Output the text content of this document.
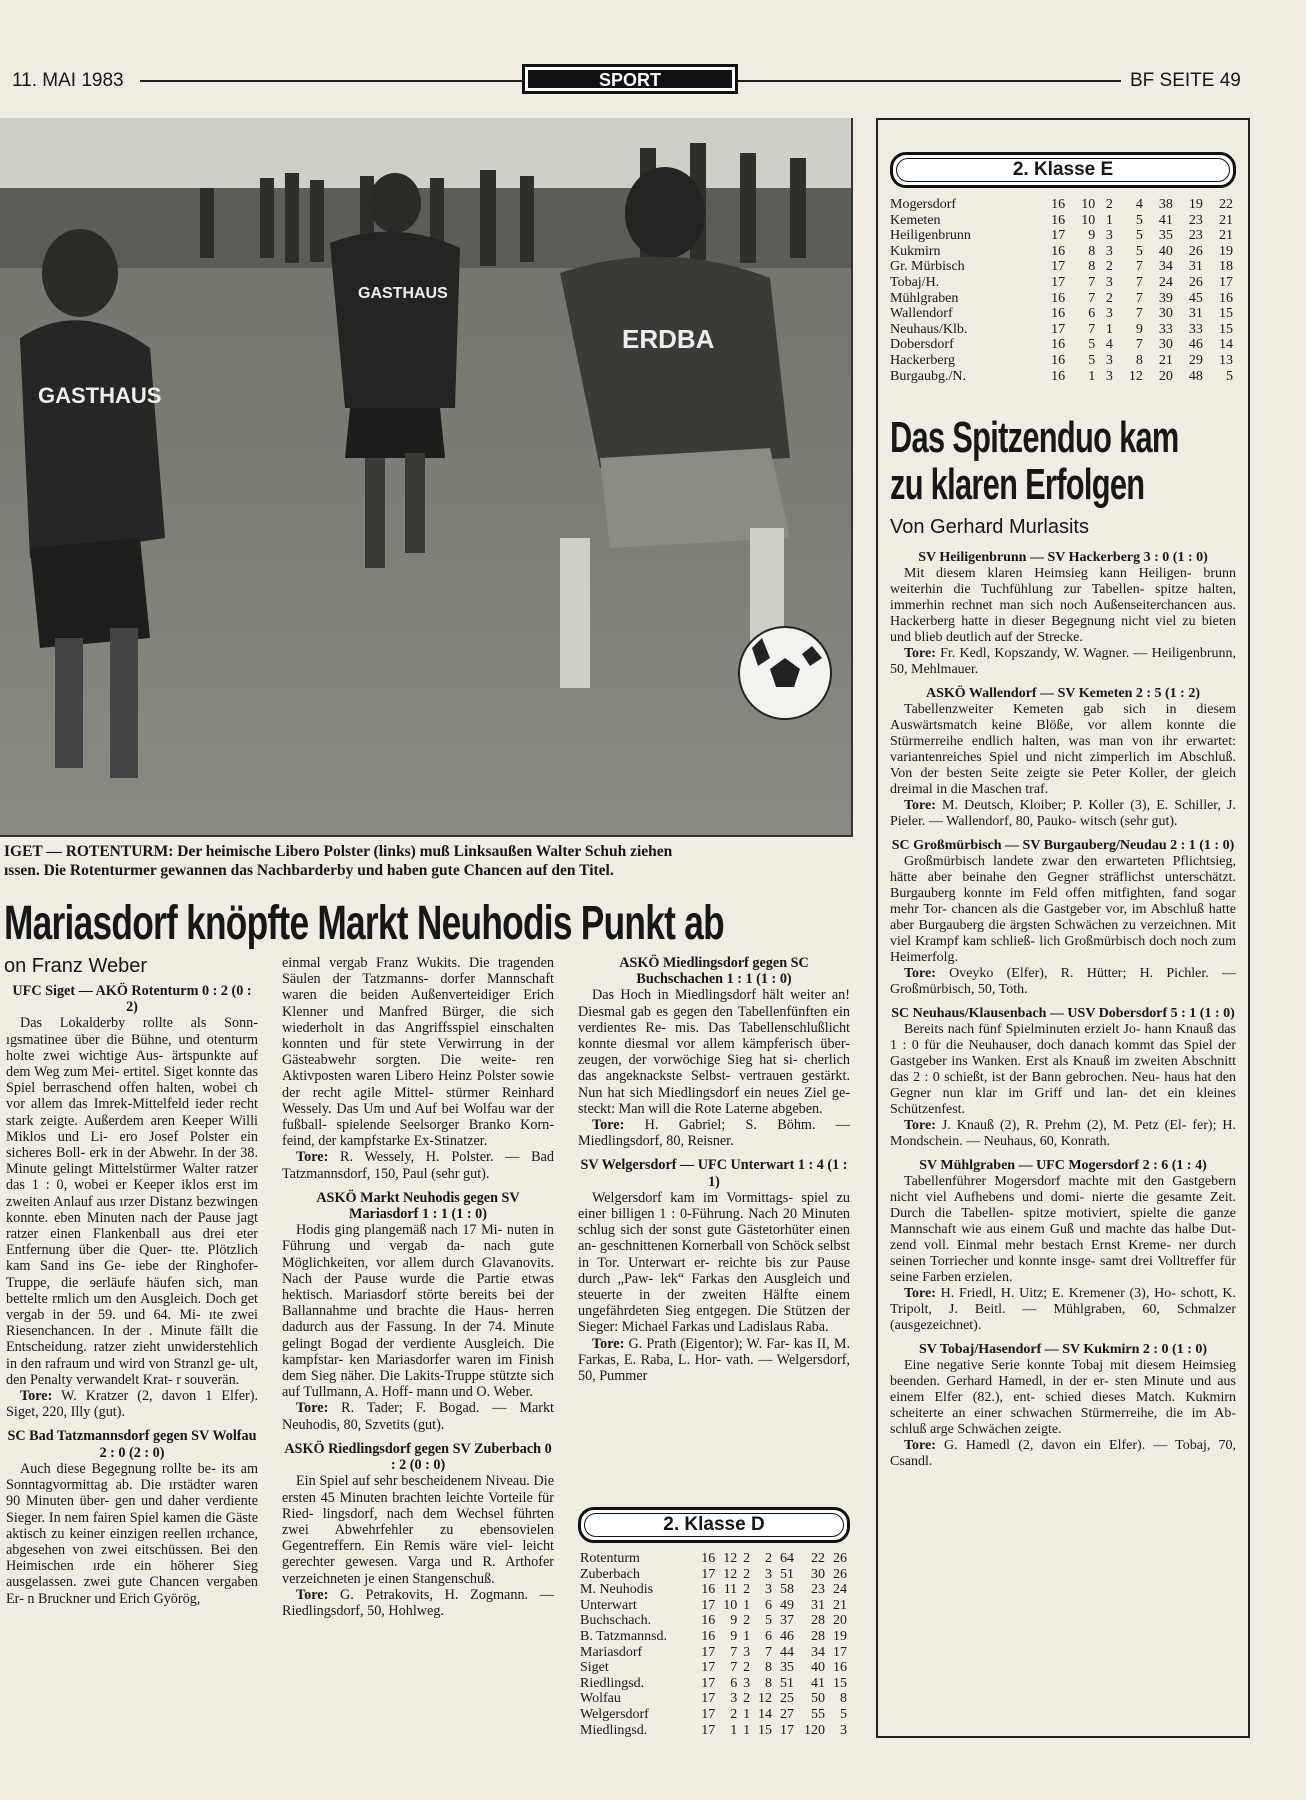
11. MAI 1983	SPORT	BF SEITE 49
GASTHAUS
GASTHAUS
ERDBA
IGET — ROTENTURM: Der heimische Libero Polster (links) muß Linksaußen Walter Schuh ziehen
ıssen. Die Rotenturmer gewannen das Nachbarderby und haben gute Chancen auf den Titel.
Mariasdorf knöpfte Markt Neuhodis Punkt ab
on Franz Weber
UFC Siget — AKÖ Rotenturm 0 : 2 (0 : 2)
Das Lokalderby rollte als Sonn- ıgsmatinee über die Bühne, und otenturm holte zwei wichtige Aus- ärtspunkte auf dem Weg zum Mei- ertitel. Siget konnte das Spiel berraschend offen halten, wobei ch vor allem das Imrek-Mittelfeld ieder recht stark zeigte. Außerdem aren Keeper Willi Miklos und Li- ero Josef Polster ein sicheres Boll- erk in der Abwehr. In der 38. Minute gelingt Mittelstürmer Walter ratzer das 1 : 0, wobei er Keeper iklos erst im zweiten Anlauf aus ırzer Distanz bezwingen konnte. eben Minuten nach der Pause jagt ratzer einen Flankenball aus drei eter Entfernung über die Quer- tte. Plötzlich kam Sand ins Ge- iebe der Ringhofer-Truppe, die ɘerläufe häufen sich, man bettelte rmlich um den Ausgleich. Doch get vergab in der 59. und 64. Mi- ıte zwei Riesenchancen. In der . Minute fällt die Entscheidung. ratzer zieht unwiderstehlich in den rafraum und wird von Stranzl ge- ult, den Penalty verwandelt Krat- r souverän.
Tore: W. Kratzer (2, davon 1 Elfer). Siget, 220, Illy (gut).
SC Bad Tatzmannsdorf gegen SV Wolfau 2 : 0 (2 : 0)
Auch diese Begegnung rollte be- its am Sonntagvormittag ab. Die ırstädter waren 90 Minuten über- gen und daher verdiente Sieger. In nem fairen Spiel kamen die Gäste aktisch zu keiner einzigen reellen ırchance, abgesehen von zwei eitschüssen. Bei den Heimischen ırde ein höherer Sieg ausgelassen. zwei gute Chancen vergaben Er- n Bruckner und Erich Györög,
einmal vergab Franz Wukits. Die tragenden Säulen der Tatzmanns- dorfer Mannschaft waren die beiden Außenverteidiger Erich Klenner und Manfred Bürger, die sich wiederholt in das Angriffsspiel einschalten konnten und für stete Verwirrung in der Gästeabwehr sorgten. Die weite- ren Aktivposten waren Libero Heinz Polster sowie der recht agile Mittel- stürmer Reinhard Wessely. Das Um und Auf bei Wolfau war der fußball- spielende Seelsorger Branko Korn- feind, der kampfstarke Ex-Stinatzer.
Tore: R. Wessely, H. Polster. — Bad Tatzmannsdorf, 150, Paul (sehr gut).
ASKÖ Markt Neuhodis gegen SV Mariasdorf 1 : 1 (1 : 0)
Hodis ging plangemäß nach 17 Mi- nuten in Führung und vergab da- nach gute Möglichkeiten, vor allem durch Glavanovits. Nach der Pause wurde die Partie etwas hektisch. Mariasdorf störte bereits bei der Ballannahme und brachte die Haus- herren dadurch aus der Fassung. In der 74. Minute gelingt Bogad der verdiente Ausgleich. Die kampfstar- ken Mariasdorfer waren im Finish dem Sieg näher. Die Lakits-Truppe stützte sich auf Tullmann, A. Hoff- mann und O. Weber.
Tore: R. Tader; F. Bogad. — Markt Neuhodis, 80, Szvetits (gut).
ASKÖ Riedlingsdorf gegen SV Zuberbach 0 : 2 (0 : 0)
Ein Spiel auf sehr bescheidenem Niveau. Die ersten 45 Minuten brachten leichte Vorteile für Ried- lingsdorf, nach dem Wechsel führten zwei Abwehrfehler zu ebensovielen Gegentreffern. Ein Remis wäre viel- leicht gerechter gewesen. Varga und R. Arthofer verzeichneten je einen Stangenschuß.
Tore: G. Petrakovits, H. Zogmann. — Riedlingsdorf, 50, Hohlweg.
ASKÖ Miedlingsdorf gegen SC Buchschachen 1 : 1 (1 : 0)
Das Hoch in Miedlingsdorf hält weiter an! Diesmal gab es gegen den Tabellenfünften ein verdientes Re- mis. Das Tabellenschlußlicht konnte diesmal vor allem kämpferisch über- zeugen, der vorwöchige Sieg hat si- cherlich das angeknackste Selbst- vertrauen gestärkt. Nun hat sich Miedlingsdorf ein neues Ziel ge- steckt: Man will die Rote Laterne abgeben.
Tore: H. Gabriel; S. Böhm. — Miedlingsdorf, 80, Reisner.
SV Welgersdorf — UFC Unterwart 1 : 4 (1 : 1)
Welgersdorf kam im Vormittags- spiel zu einer billigen 1 : 0-Führung. Nach 20 Minuten schlug sich der sonst gute Gästetorhüter einen an- geschnittenen Kornerball von Schöck selbst in Tor. Unterwart er- reichte bis zur Pause durch „Paw- lek“ Farkas den Ausgleich und steuerte in der zweiten Hälfte einem ungefährdeten Sieg entgegen. Die Stützen der Sieger: Michael Farkas und Ladislaus Raba.
Tore: G. Prath (Eigentor); W. Far- kas II, M. Farkas, E. Raba, L. Hor- vath. — Welgersdorf, 50, Pummer
2. Klasse D
Rotenturm	16	12	2	2	64	22	26
Zuberbach	17	12	2	3	51	30	26
M. Neuhodis	16	11	2	3	58	23	24
Unterwart	17	10	1	6	49	31	21
Buchschach.	16	9	2	5	37	28	20
B. Tatzmannsd.	16	9	1	6	46	28	19
Mariasdorf	17	7	3	7	44	34	17
Siget	17	7	2	8	35	40	16
Riedlingsd.	17	6	3	8	51	41	15
Wolfau	17	3	2	12	25	50	8
Welgersdorf	17	2	1	14	27	55	5
Miedlingsd.	17	1	1	15	17	120	3
2. Klasse E
Mogersdorf	16	10	2	4	38	19	22
Kemeten	16	10	1	5	41	23	21
Heiligenbrunn	17	9	3	5	35	23	21
Kukmirn	16	8	3	5	40	26	19
Gr. Mürbisch	17	8	2	7	34	31	18
Tobaj/H.	17	7	3	7	24	26	17
Mühlgraben	16	7	2	7	39	45	16
Wallendorf	16	6	3	7	30	31	15
Neuhaus/Klb.	17	7	1	9	33	33	15
Dobersdorf	16	5	4	7	30	46	14
Hackerberg	16	5	3	8	21	29	13
Burgaubg./N.	16	1	3	12	20	48	5
Das Spitzenduo kam
zu klaren Erfolgen
Von Gerhard Murlasits
SV Heiligenbrunn — SV Hackerberg 3 : 0 (1 : 0)
Mit diesem klaren Heimsieg kann Heiligen- brunn weiterhin die Tuchfühlung zur Tabellen- spitze halten, immerhin rechnet man sich noch Außenseiterchancen aus. Hackerberg hatte in dieser Begegnung nicht viel zu bieten und blieb deutlich auf der Strecke.
Tore: Fr. Kedl, Kopszandy, W. Wagner. — Heiligenbrunn, 50, Mehlmauer.
ASKÖ Wallendorf — SV Kemeten 2 : 5 (1 : 2)
Tabellenzweiter Kemeten gab sich in diesem Auswärtsmatch keine Blöße, vor allem konnte die Stürmerreihe endlich halten, was man von ihr erwartet: variantenreiches Spiel und nicht zimperlich im Abschluß. Von der besten Seite zeigte sie Peter Koller, der gleich dreimal in die Maschen traf.
Tore: M. Deutsch, Kloiber; P. Koller (3), E. Schiller, J. Pieler. — Wallendorf, 80, Pauko- witsch (sehr gut).
SC Großmürbisch — SV Burgauberg/Neudau 2 : 1 (1 : 0)
Großmürbisch landete zwar den erwarteten Pflichtsieg, hätte aber beinahe den Gegner sträflichst unterschätzt. Burgauberg konnte im Feld offen mitfighten, fand sogar mehr Tor- chancen als die Gastgeber vor, im Abschluß hatte aber Burgauberg die ärgsten Schwächen zu verzeichnen. Mit viel Krampf kam schließ- lich Großmürbisch doch noch zum Heimerfolg.
Tore: Oveyko (Elfer), R. Hütter; H. Pichler. — Großmürbisch, 50, Toth.
SC Neuhaus/Klausenbach — USV Dobersdorf 5 : 1 (1 : 0)
Bereits nach fünf Spielminuten erzielt Jo- hann Knauß das 1 : 0 für die Neuhauser, doch danach kommt das Spiel der Gastgeber ins Wanken. Erst als Knauß im zweiten Abschnitt das 2 : 0 schießt, ist der Bann gebrochen. Neu- haus hat den Gegner nun klar im Griff und lan- det ein kleines Schützenfest.
Tore: J. Knauß (2), R. Prehm (2), M. Petz (El- fer); H. Mondschein. — Neuhaus, 60, Konrath.
SV Mühlgraben — UFC Mogersdorf 2 : 6 (1 : 4)
Tabellenführer Mogersdorf machte mit den Gastgebern nicht viel Aufhebens und domi- nierte die gesamte Zeit. Durch die Tabellen- spitze motiviert, spielte die ganze Mannschaft wie aus einem Guß und machte das halbe Dut- zend voll. Einmal mehr bestach Ernst Kreme- ner durch seinen Torriecher und konnte insge- samt drei Volltreffer für seine Farben erzielen.
Tore: H. Friedl, H. Uitz; E. Kremener (3), Ho- schott, K. Tripolt, J. Beitl. — Mühlgraben, 60, Schmalzer (ausgezeichnet).
SV Tobaj/Hasendorf — SV Kukmirn 2 : 0 (1 : 0)
Eine negative Serie konnte Tobaj mit diesem Heimsieg beenden. Gerhard Hamedl, in der er- sten Minute und aus einem Elfer (82.), ent- schied dieses Match. Kukmirn scheiterte an einer schwachen Stürmerreihe, die im Ab- schluß arge Schwächen zeigte.
Tore: G. Hamedl (2, davon ein Elfer). — Tobaj, 70, Csandl.
